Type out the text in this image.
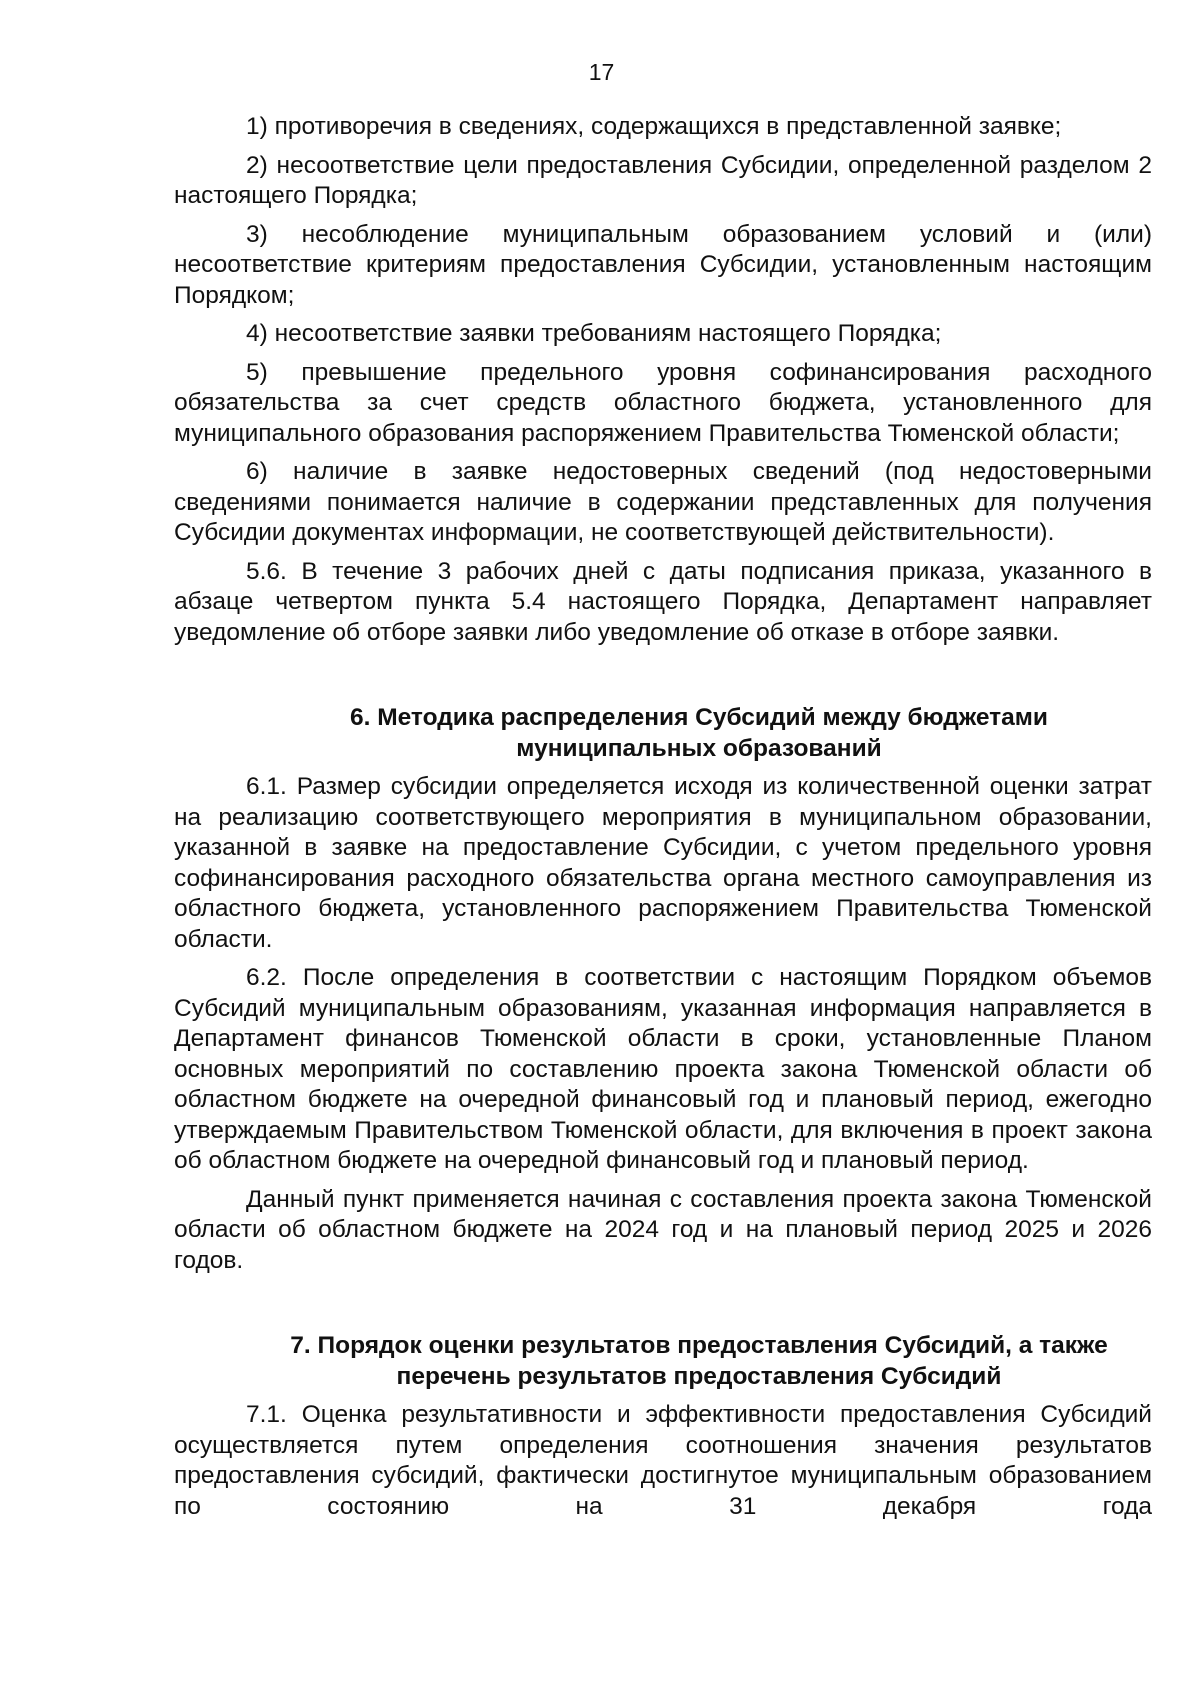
17

1) противоречия в сведениях, содержащихся в представленной заявке;

2) несоответствие цели предоставления Субсидии, определенной разделом 2 настоящего Порядка;

3) несоблюдение муниципальным образованием условий и (или) несоответствие критериям предоставления Субсидии, установленным настоящим Порядком;

4) несоответствие заявки требованиям настоящего Порядка;

5) превышение предельного уровня софинансирования расходного обязательства за счет средств областного бюджета, установленного для муниципального образования распоряжением Правительства Тюменской области;

6) наличие в заявке недостоверных сведений (под недостоверными сведениями понимается наличие в содержании представленных для получения Субсидии документах информации, не соответствующей действительности).

5.6. В течение 3 рабочих дней с даты подписания приказа, указанного в абзаце четвертом пункта 5.4 настоящего Порядка, Департамент направляет уведомление об отборе заявки либо уведомление об отказе в отборе заявки.

6. Методика распределения Субсидий между бюджетами

муниципальных образований

6.1. Размер субсидии определяется исходя из количественной оценки затрат на реализацию соответствующего мероприятия в муниципальном образовании, указанной в заявке на предоставление Субсидии, с учетом предельного уровня софинансирования расходного обязательства органа местного самоуправления из областного бюджета, установленного распоряжением Правительства Тюменской области.

6.2. После определения в соответствии с настоящим Порядком объемов Субсидий муниципальным образованиям, указанная информация направляется в Департамент финансов Тюменской области в сроки, установленные Планом основных мероприятий по составлению проекта закона Тюменской области об областном бюджете на очередной финансовый год и плановый период, ежегодно утверждаемым Правительством Тюменской области, для включения в проект закона об областном бюджете на очередной финансовый год и плановый период.

Данный пункт применяется начиная с составления проекта закона Тюменской области об областном бюджете на 2024 год и на плановый период 2025 и 2026 годов.

7. Порядок оценки результатов предоставления Субсидий, а также

перечень результатов предоставления Субсидий

7.1. Оценка результативности и эффективности предоставления Субсидий осуществляется путем определения соотношения значения результатов предоставления субсидий, фактически достигнутое муниципальным образованием по состоянию на 31 декабря года
